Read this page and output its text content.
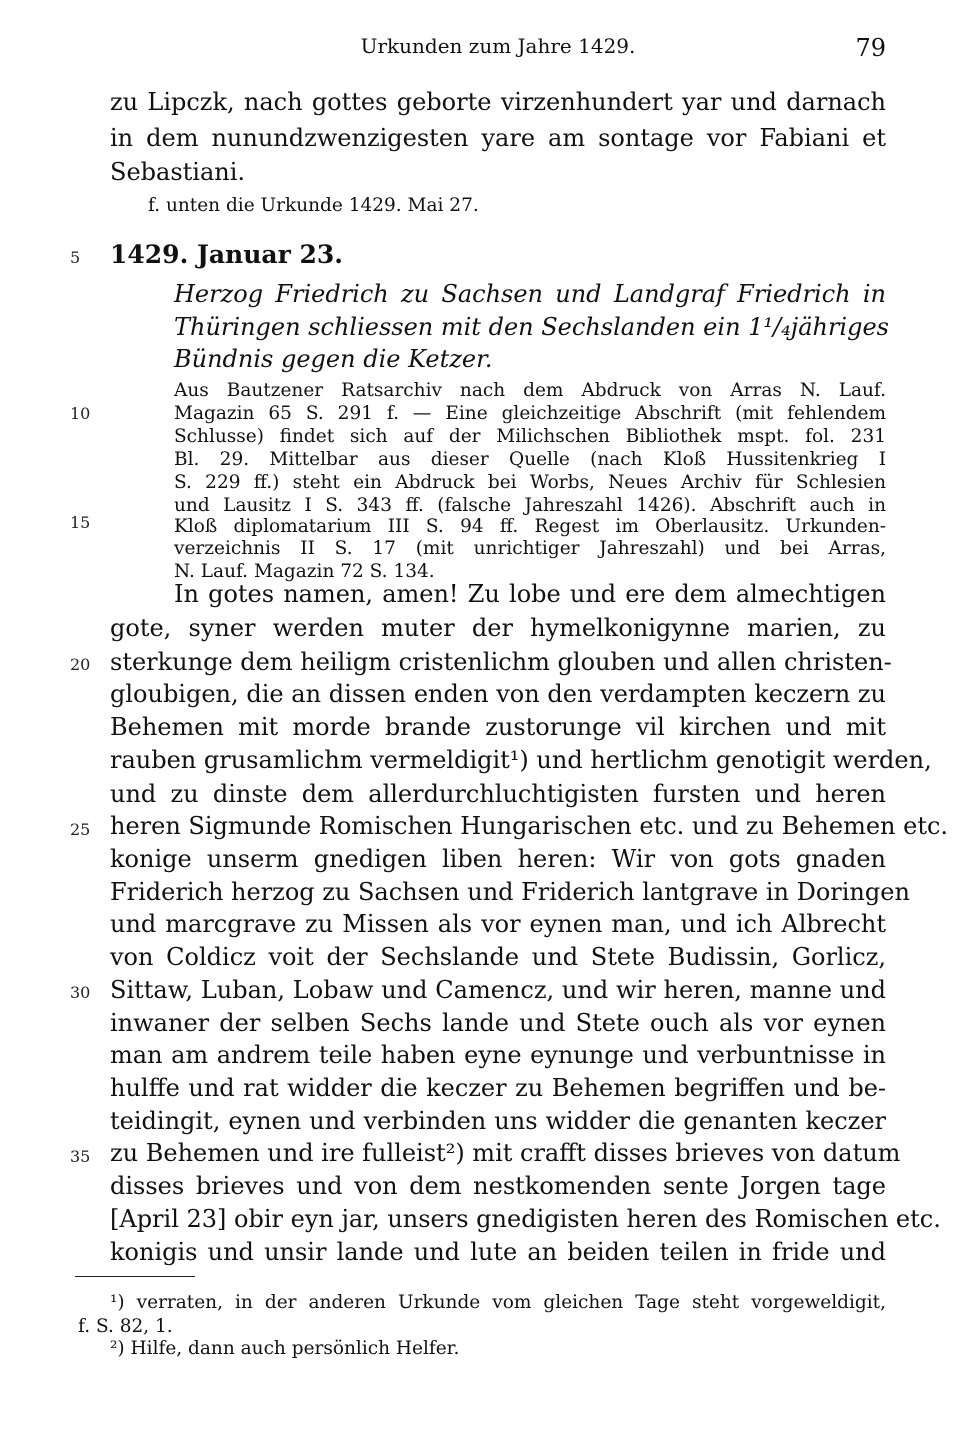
Urkunden zum Jahre 1429.	79
zu Lipczk, nach gottes geborte virzenhundert yar und darnach
in dem nunundzwenzigesten yare am sontage vor Fabiani et
Sebastiani.
f. unten die Urkunde 1429. Mai 27.
5 1429. Januar 23.
Herzog Friedrich zu Sachsen und Landgraf Friedrich in
Thüringen schliessen mit den Sechslanden ein 1¹/₄jähriges
Bündnis gegen die Ketzer.
Aus Bautzener Ratsarchiv nach dem Abdruck von Arras N. Lauf.
10	Magazin 65 S. 291 f. — Eine gleichzeitige Abschrift (mit fehlendem
Schlusse) findet sich auf der Milichschen Bibliothek mspt. fol. 231
Bl. 29. Mittelbar aus dieser Quelle (nach Kloß Hussitenkrieg I
S. 229 ff.) steht ein Abdruck bei Worbs, Neues Archiv für Schlesien
und Lausitz I S. 343 ff. (falsche Jahreszahl 1426). Abschrift auch in
15	Kloß diplomatarium III S. 94 ff. Regest im Oberlausitz. Urkunden-
verzeichnis II S. 17 (mit unrichtiger Jahreszahl) und bei Arras,
N. Lauf. Magazin 72 S. 134.
In gotes namen, amen! Zu lobe und ere dem almechtigen
gote, syner werden muter der hymelkonigynne marien, zu
20 sterkunge dem heiligm cristenlichm glouben und allen christen-
gloubigen, die an dissen enden von den verdampten keczern zu
Behemen mit morde brande zustorunge vil kirchen und mit
rauben grusamlichm vermeldigit¹) und hertlichm genotigit werden,
und zu dinste dem allerdurchluchtigisten fursten und heren
25 heren Sigmunde Romischen Hungarischen etc. und zu Behemen etc.
konige unserm gnedigen liben heren: Wir von gots gnaden
Friderich herzog zu Sachsen und Friderich lantgrave in Doringen
und marcgrave zu Missen als vor eynen man, und ich Albrecht
von Coldicz voit der Sechslande und Stete Budissin, Gorlicz,
30 Sittaw, Luban, Lobaw und Camencz, und wir heren, manne und
inwaner der selben Sechs lande und Stete ouch als vor eynen
man am andrem teile haben eyne eynunge und verbuntnisse in
hulffe und rat widder die keczer zu Behemen begriffen und be-
teidingit, eynen und verbinden uns widder die genanten keczer
35 zu Behemen und ire fulleist²) mit crafft disses brieves von datum
disses brieves und von dem nestkomenden sente Jorgen tage
[April 23] obir eyn jar, unsers gnedigisten heren des Romischen etc.
konigis und unsir lande und lute an beiden teilen in fride und
¹) verraten, in der anderen Urkunde vom gleichen Tage steht vorgeweldigit,
f. S. 82, 1.
²) Hilfe, dann auch persönlich Helfer.
